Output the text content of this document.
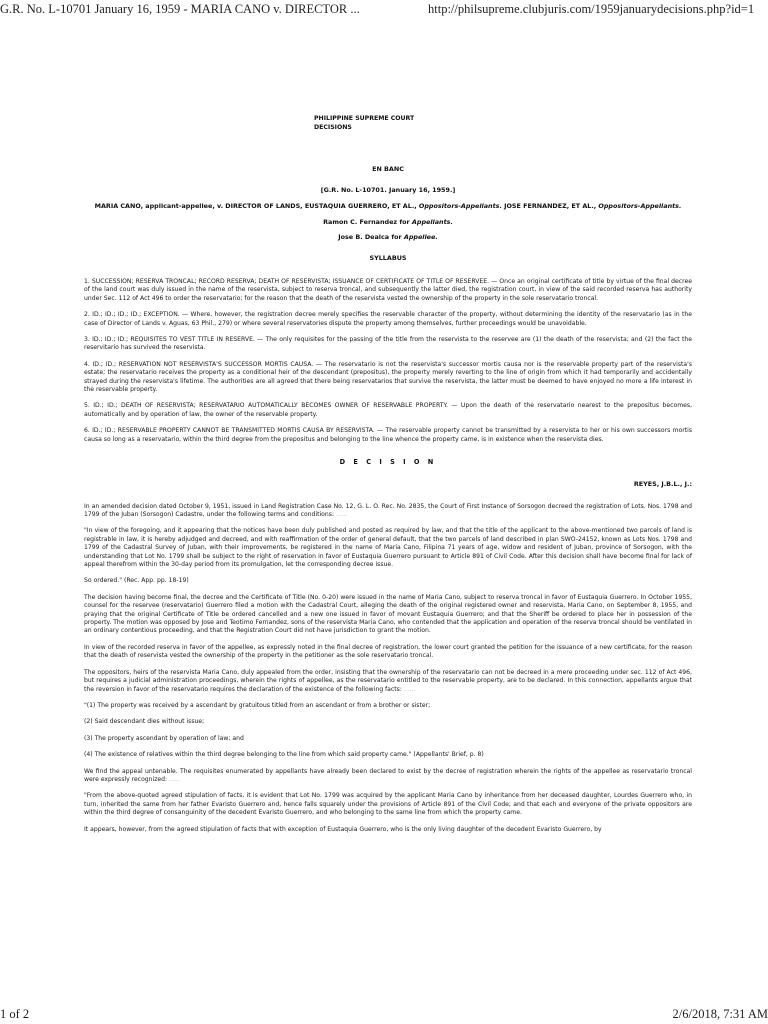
G.R. No. L-10701 January 16, 1959 - MARIA CANO v. DIRECTOR ...	http://philsupreme.clubjuris.com/1959januarydecisions.php?id=1
PHILIPPINE SUPREME COURT
DECISIONS
EN BANC
[G.R. No. L-10701. January 16, 1959.]
MARIA CANO, applicant-appellee, v. DIRECTOR OF LANDS, EUSTAQUIA GUERRERO, ET AL., Oppositors-Appellants. JOSE FERNANDEZ, ET AL., Oppositors-Appellants.
Ramon C. Fernandez for Appellants.
Jose B. Dealca for Appellee.
SYLLABUS

1. SUCCESSION; RESERVA TRONCAL; RECORD RESERVA; DEATH OF RESERVISTA; ISSUANCE OF CERTIFICATE OF TITLE OF RESERVEE. — Once an original certificate of title by virtue of the final decree of the land court was duly issued in the name of the reservista, subject to reserva troncal, and subsequently the latter died, the registration court, in view of the said recorded reserva has authority under Sec. 112 of Act 496 to order the reservatario; for the reason that the death of the reservista vested the ownership of the property in the sole reservatario troncal.

2. ID.; ID.; ID.; ID.; EXCEPTION. — Where, however, the registration decree merely specifies the reservable character of the property, without determining the identity of the reservatario (as in the case of Director of Lands v. Aguas, 63 Phil., 279) or where several reservatories dispute the property among themselves, further proceedings would be unavoidable.

3. ID.; ID.; ID.; REQUISITES TO VEST TITLE IN RESERVE. — The only requisites for the passing of the title from the reservista to the reservee are (1) the death of the reservista; and (2) the fact the reservitario has survived the reservista.

4. ID.; ID.; RESERVATION NOT RESERVISTA'S SUCCESSOR MORTIS CAUSA. — The reservatario is not the reservista's successor mortis causa nor is the reservable property part of the reservista's estate; the reservatario receives the property as a conditional heir of the descendant (prepositus), the property merely reverting to the line of origin from which it had temporarily and accidentally strayed during the reservista's lifetime. The authorities are all agreed that there being reservatarios that survive the reservista, the latter must be deemed to have enjoyed no more a life interest in the reservable property.

5. ID.; ID.; DEATH OF RESERVISTA; RESERVATARIO AUTOMATICALLY BECOMES OWNER OF RESERVABLE PROPERTY. — Upon the death of the reservatario nearest to the prepositus becomes, automatically and by operation of law, the owner of the reservable property.

6. ID.; ID.; RESERVABLE PROPERTY CANNOT BE TRANSMITTED MORTIS CAUSA BY RESERVISTA. — The reservable property cannot be transmitted by a reservista to her or his own successors mortis causa so long as a reservatario, within the third degree from the prepositus and belonging to the line whence the property came, is in existence when the reservista dies.

D E C I S I O N
REYES, J.B.L., J.:

In an amended decision dated October 9, 1951, issued in Land Registration Case No. 12, G. L. O. Rec. No. 2835, the Court of First Instance of Sorsogon decreed the registration of Lots. Nos. 1798 and 1799 of the Juban (Sorsogon) Cadastre, under the following terms and conditions: ......

"In view of the foregoing, and it appearing that the notices have been duly published and posted as required by law, and that the title of the applicant to the above-mentioned two parcels of land is registrable in law, it is hereby adjudged and decreed, and with reaffirmation of the order of general default, that the two parcels of land described in plan SWO-24152, known as Lots Nos. 1798 and 1799 of the Cadastral Survey of Juban, with their improvements, be registered in the name of Maria Cano, Filipina 71 years of age, widow and resident of Juban, province of Sorsogon, with the understanding that Lot No. 1799 shall be subject to the right of reservation in favor of Eustaquia Guerrero pursuant to Article 891 of Civil Code. After this decision shall have become final for lack of appeal therefrom within the 30-day period from its promulgation, let the corresponding decree issue.

So ordered." (Rec. App. pp. 18-19)

The decision having become final, the decree and the Certificate of Title (No. 0-20) were issued in the name of Maria Cano, subject to reserva troncal in favor of Eustaquia Guerrero. In October 1955, counsel for the reservee (reservatario) Guerrero filed a motion with the Cadastral Court, alleging the death of the original registered owner and reservista, Maria Cano, on September 8, 1955, and praying that the original Certificate of Title be ordered cancelled and a new one issued in favor of movant Eustaquia Guerrero; and that the Sheriff be ordered to place her in possession of the property. The motion was opposed by Jose and Teotimo Fernandez, sons of the reservista Maria Cano, who contended that the application and operation of the reserva troncal should be ventilated in an ordinary contentious proceeding, and that the Registration Court did not have jurisdiction to grant the motion.

In view of the recorded reserva in favor of the appellee, as expressly noted in the final decree of registration, the lower court granted the petition for the issuance of a new certificate, for the reason that the death of reservista vested the ownership of the property in the petitioner as the sole reservatario troncal.

The oppositors, heirs of the reservista Maria Cano, duly appealed from the order, insisting that the ownership of the reservatario can not be decreed in a mere proceeding under sec. 112 of Act 496, but requires a judicial administration proceedings, wherein the rights of appellee, as the reservatario entitled to the reservable property, are to be declared. In this connection, appellants argue that the reversion in favor of the reservatario requires the declaration of the existence of the following facts: ......

"(1) The property was received by a ascendant by gratuitous titled from an ascendant or from a brother or sister;

(2) Said descendant dies without issue;

(3) The property ascendant by operation of law; and

(4) The existence of relatives within the third degree belonging to the line from which said property came." (Appellants' Brief, p. 8)

We find the appeal untenable. The requisites enumerated by appellants have already been declared to exist by the decree of registration wherein the rights of the appellee as reservatario troncal were expressly recognized: ......

"From the above-quoted agreed stipulation of facts, it is evident that Lot No. 1799 was acquired by the applicant Maria Cano by inheritance from her deceased daughter, Lourdes Guerrero who, in turn, inherited the same from her father Evaristo Guerrero and, hence falls squarely under the provisions of Article 891 of the Civil Code; and that each and everyone of the private oppositors are within the third degree of consanguinity of the decedent Evaristo Guerrero, and who belonging to the same line from which the property came.

It appears, however, from the agreed stipulation of facts that with exception of Eustaquia Guerrero, who is the only living daughter of the decedent Evaristo Guerrero, by

1 of 2	2/6/2018, 7:31 AM
